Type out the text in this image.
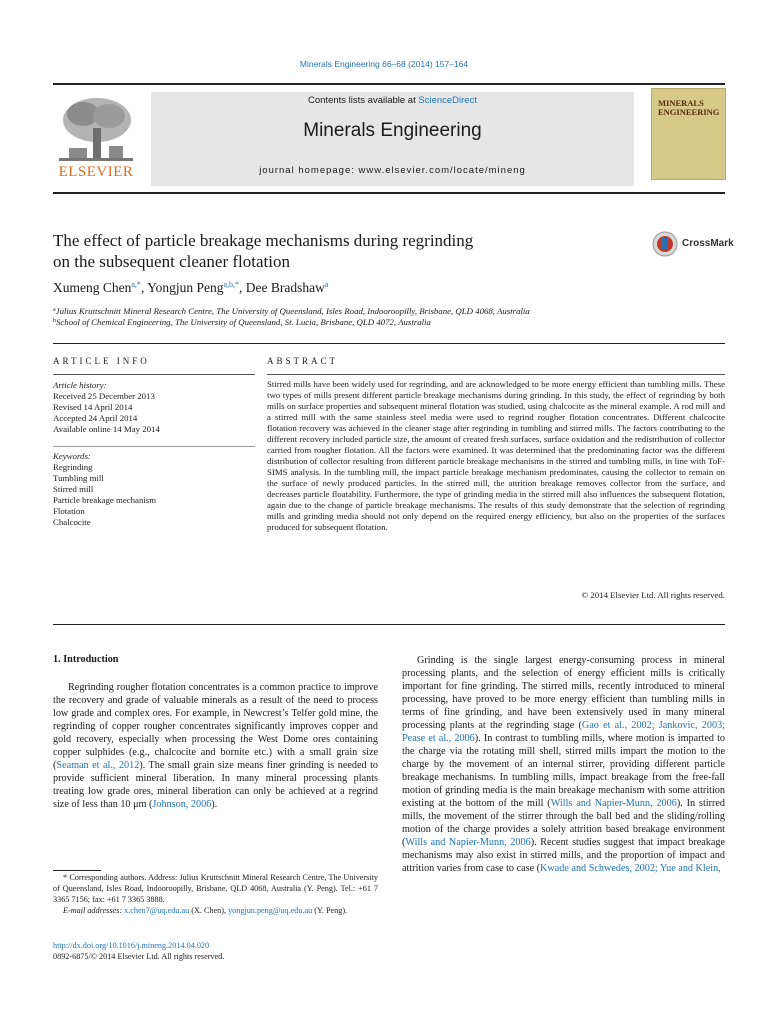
Minerals Engineering 66–68 (2014) 157–164
ELSEVIER
Contents lists available at ScienceDirect
Minerals Engineering
journal homepage: www.elsevier.com/locate/mineng
MINERALS
ENGINEERING
The effect of particle breakage mechanisms during regrinding
on the subsequent cleaner flotation
CrossMark
Xumeng Chen$^{a,*}$, Yongjun Peng$^{a,b,*}$, Dee Bradshaw$^a$
$^a$Julius Kruttschnitt Mineral Research Centre, The University of Queensland, Isles Road, Indooroopilly, Brisbane, QLD 4068, Australia
$^b$School of Chemical Engineering, The University of Queensland, St. Lucia, Brisbane, QLD 4072, Australia
ARTICLE INFO
Article history:
Received 25 December 2013
Revised 14 April 2014
Accepted 24 April 2014
Available online 14 May 2014
Keywords:
Regrinding
Tumbling mill
Stirred mill
Particle breakage mechanism
Flotation
Chalcocite
ABSTRACT
Stirred mills have been widely used for regrinding, and are acknowledged to be more energy efficient than tumbling mills. These two types of mills present different particle breakage mechanisms during grinding. In this study, the effect of regrinding by both mills on surface properties and subsequent mineral flotation was studied, using chalcocite as the mineral example. A rod mill and a stirred mill with the same stainless steel media were used to regrind rougher flotation concentrates. Different chalcocite flotation recovery was achieved in the cleaner stage after regrinding in tumbling and stirred mills. The factors contributing to the different recovery included particle size, the amount of created fresh surfaces, surface oxidation and the redistribution of collector carried from rougher flotation. All the factors were examined. It was determined that the predominating factor was the different distribution of collector resulting from different particle breakage mechanisms in the stirred and tumbling mills, in line with ToF-SIMS analysis. In the tumbling mill, the impact particle breakage mechanism predominates, causing the collector to remain on the surface of newly produced particles. In the stirred mill, the attrition breakage removes collector from the surface, and decreases particle floatability. Furthermore, the type of grinding media in the stirred mill also influences the subsequent flotation, again due to the change of particle breakage mechanisms. The results of this study demonstrate that the selection of regrinding mills and grinding media should not only depend on the required energy efficiency, but also on the properties of the surfaces produced for subsequent flotation.
© 2014 Elsevier Ltd. All rights reserved.
1. Introduction

Regrinding rougher flotation concentrates is a common practice to improve the recovery and grade of valuable minerals as a result of the need to process low grade and complex ores. For example, in Newcrest’s Telfer gold mine, the regrinding of copper rougher concentrates significantly improves copper and gold recovery, especially when processing the West Dome ores containing copper sulphides (e.g., chalcocite and bornite etc.) with a small grain size (Seaman et al., 2012). The small grain size means finer grinding is needed to provide sufficient mineral liberation. In many mineral processing plants treating low grade ores, mineral liberation can only be achieved at a regrind size of less than 10 μm (Johnson, 2006).

Grinding is the single largest energy-consuming process in mineral processing plants, and the selection of energy efficient mills is critically important for fine grinding. The stirred mills, recently introduced to mineral processing, have proved to be more energy efficient than tumbling mills in terms of fine grinding, and have been extensively used in many mineral processing plants at the regrinding stage (Gao et al., 2002; Jankovic, 2003; Pease et al., 2006). In contrast to tumbling mills, where motion is imparted to the charge via the rotating mill shell, stirred mills impart the motion to the charge by the movement of an internal stirrer, providing different particle breakage mechanisms. In tumbling mills, impact breakage from the free-fall motion of grinding media is the main breakage mechanism with some attrition existing at the bottom of the mill (Wills and Napier-Munn, 2006). In stirred mills, the movement of the stirrer through the ball bed and the sliding/rolling motion of the charge provides a solely attrition based breakage environment (Wills and Napier-Munn, 2006). Recent studies suggest that impact breakage mechanisms may also exist in stirred mills, and the proportion of impact and attrition varies from case to case (Kwade and Schwedes, 2002; Yue and Klein,

* Corresponding authors. Address: Julius Kruttschnitt Mineral Research Centre, The University of Queensland, Isles Road, Indooroopilly, Brisbane, QLD 4068, Australia (Y. Peng). Tel.: +61 7 3365 7156; fax: +61 7 3365 3888.
E-mail addresses: x.chen7@uq.edu.au (X. Chen), yongjun.peng@uq.edu.au (Y. Peng).
http://dx.doi.org/10.1016/j.mineng.2014.04.020
0892-6875/© 2014 Elsevier Ltd. All rights reserved.
